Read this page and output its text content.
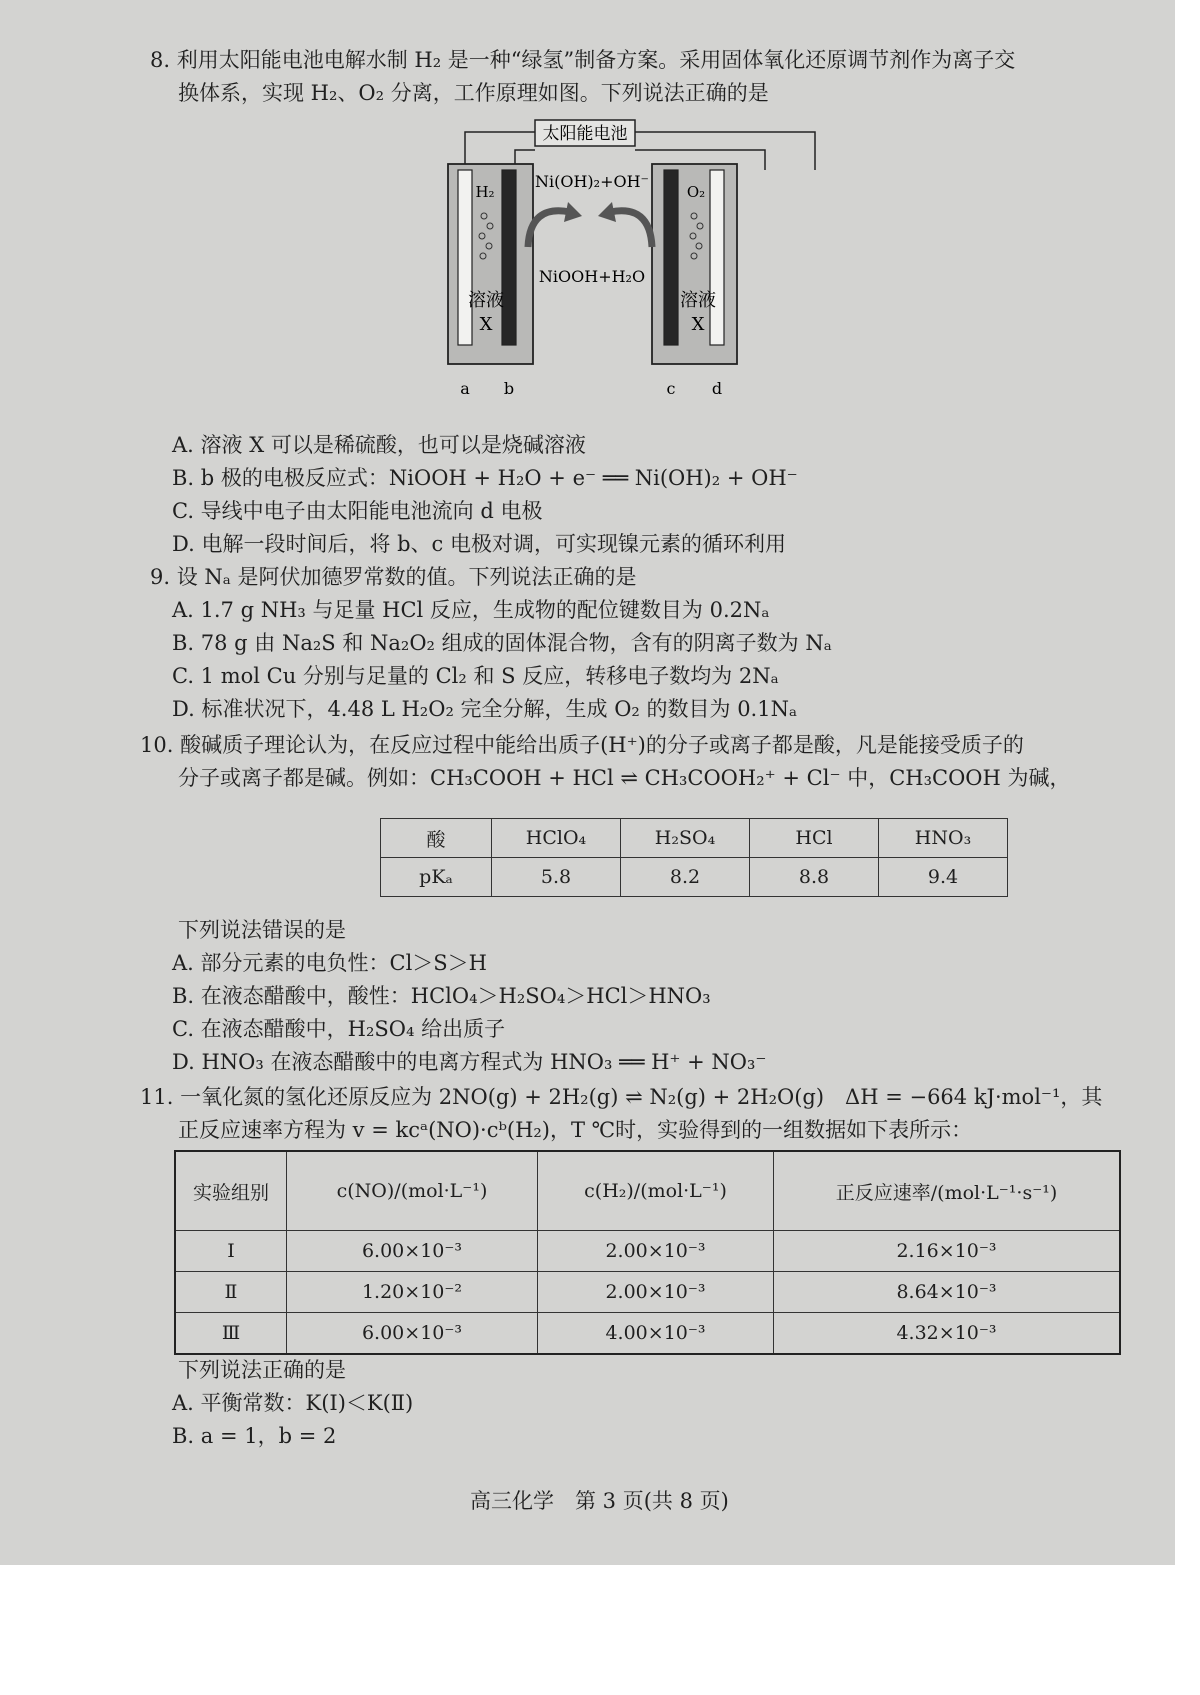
8. 利用太阳能电池电解水制 H₂ 是一种“绿氢”制备方案。采用固体氧化还原调节剂作为离子交
换体系，实现 H₂、O₂ 分离，工作原理如图。下列说法正确的是
太阳能电池
H₂
溶液
X
O₂
溶液
X
Ni(OH)₂+OH⁻
NiOOH+H₂O
a b	c d
A. 溶液 X 可以是稀硫酸，也可以是烧碱溶液
B. b 极的电极反应式：NiOOH + H₂O + e⁻ ══ Ni(OH)₂ + OH⁻
C. 导线中电子由太阳能电池流向 d 电极
D. 电解一段时间后，将 b、c 电极对调，可实现镍元素的循环利用
9. 设 Nₐ 是阿伏加德罗常数的值。下列说法正确的是
A. 1.7 g NH₃ 与足量 HCl 反应，生成物的配位键数目为 0.2Nₐ
B. 78 g 由 Na₂S 和 Na₂O₂ 组成的固体混合物，含有的阴离子数为 Nₐ
C. 1 mol Cu 分别与足量的 Cl₂ 和 S 反应，转移电子数均为 2Nₐ
D. 标准状况下，4.48 L H₂O₂ 完全分解，生成 O₂ 的数目为 0.1Nₐ
10. 酸碱质子理论认为，在反应过程中能给出质子(H⁺)的分子或离子都是酸，凡是能接受质子的
分子或离子都是碱。例如：CH₃COOH + HCl ⇌ CH₃COOH₂⁺ + Cl⁻ 中，CH₃COOH 为碱，
酸	HClO₄	H₂SO₄	HCl	HNO₃
pKₐ	5.8	8.2	8.8	9.4
下列说法错误的是
A. 部分元素的电负性：Cl＞S＞H
B. 在液态醋酸中，酸性：HClO₄＞H₂SO₄＞HCl＞HNO₃
C. 在液态醋酸中，H₂SO₄ 给出质子
D. HNO₃ 在液态醋酸中的电离方程式为 HNO₃ ══ H⁺ + NO₃⁻
11. 一氧化氮的氢化还原反应为 2NO(g) + 2H₂(g) ⇌ N₂(g) + 2H₂O(g)　ΔH = −664 kJ·mol⁻¹，其
正反应速率方程为 v = kcᵃ(NO)·cᵇ(H₂)，T ℃时，实验得到的一组数据如下表所示：
实验组别	c(NO)/(mol·L⁻¹)	c(H₂)/(mol·L⁻¹)	正反应速率/(mol·L⁻¹·s⁻¹)
Ⅰ	6.00×10⁻³	2.00×10⁻³	2.16×10⁻³
Ⅱ	1.20×10⁻²	2.00×10⁻³	8.64×10⁻³
Ⅲ	6.00×10⁻³	4.00×10⁻³	4.32×10⁻³
下列说法正确的是
A. 平衡常数：K(Ⅰ)＜K(Ⅱ)
B. a = 1，b = 2
高三化学　第 3 页(共 8 页)
